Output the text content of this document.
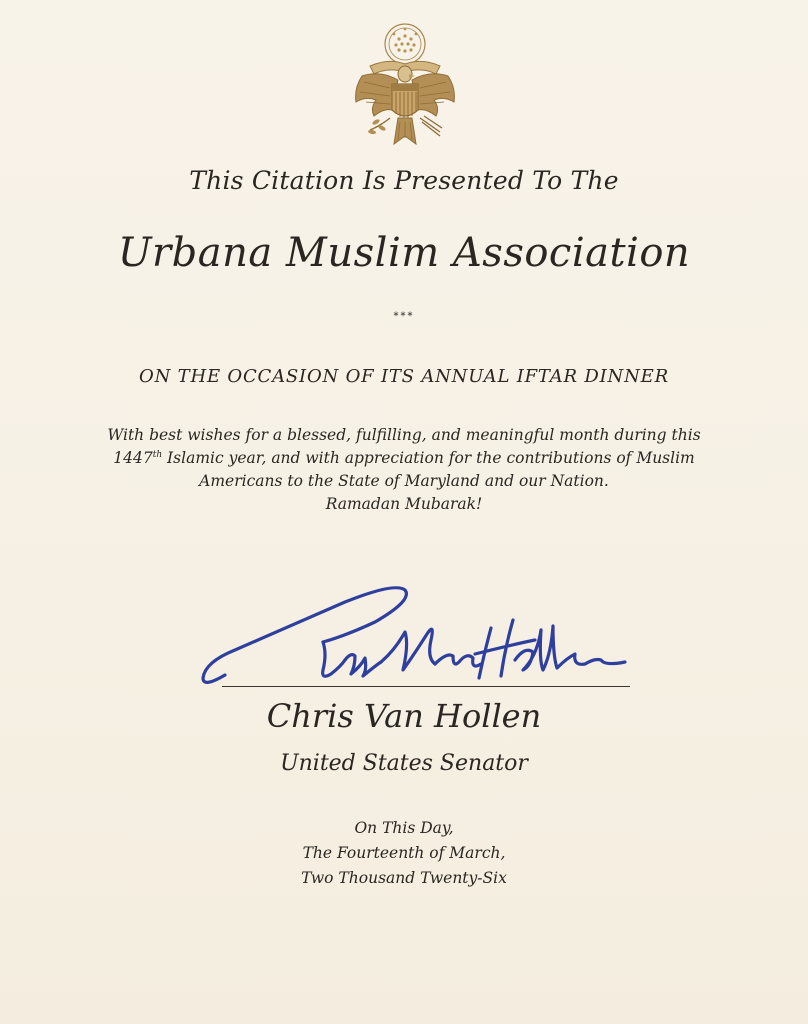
This Citation Is Presented To The
Urbana Muslim Association
***
ON THE OCCASION OF ITS ANNUAL IFTAR DINNER
With best wishes for a blessed, fulfilling, and meaningful month during this
1447th Islamic year, and with appreciation for the contributions of Muslim
Americans to the State of Maryland and our Nation.
Ramadan Mubarak!
Chris Van Hollen
United States Senator
On This Day,
The Fourteenth of March,
Two Thousand Twenty-Six
